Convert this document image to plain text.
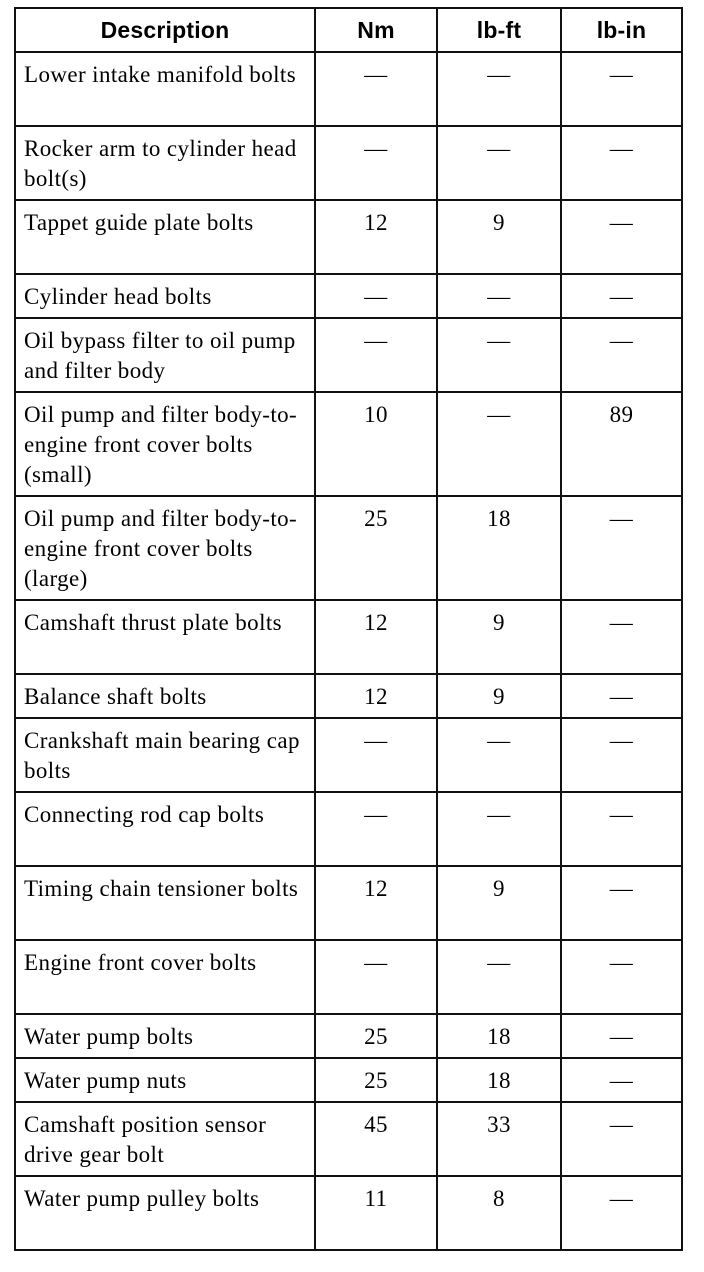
Description	Nm	lb-ft	lb-in
Lower intake manifold bolts	—	—	—
Rocker arm to cylinder head bolt(s)	—	—	—
Tappet guide plate bolts	12	9	—
Cylinder head bolts	—	—	—
Oil bypass filter to oil pump and filter body	—	—	—
Oil pump and filter body-to-engine front cover bolts (small)	10	—	89
Oil pump and filter body-to-engine front cover bolts (large)	25	18	—
Camshaft thrust plate bolts	12	9	—
Balance shaft bolts	12	9	—
Crankshaft main bearing cap bolts	—	—	—
Connecting rod cap bolts	—	—	—
Timing chain tensioner bolts	12	9	—
Engine front cover bolts	—	—	—
Water pump bolts	25	18	—
Water pump nuts	25	18	—
Camshaft position sensor drive gear bolt	45	33	—
Water pump pulley bolts	11	8	—
